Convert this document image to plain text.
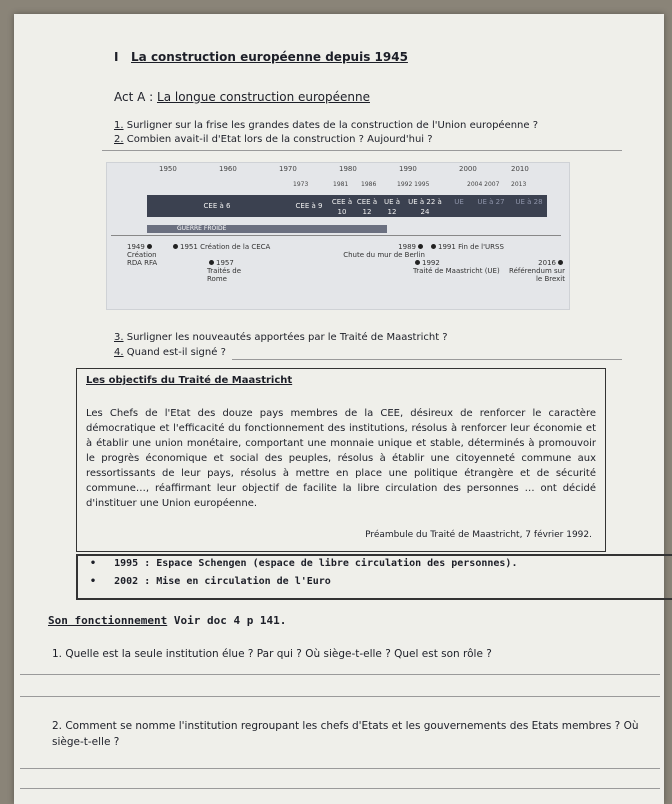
I La construction européenne depuis 1945
Act A : La longue construction européenne
1. Surligner sur la frise les grandes dates de la construction de l'Union européenne ?
2. Combien avait-il d'Etat lors de la construction ? Aujourd'hui ?
1950	1960	1970	1980	1990	2000	2010
1973	1981 1986	1992 1995	2004 2007 2013
CEE à 6	CEE à 9	CEE à 10
CEE à 12
UE à 12
UE à 22 à 24
UE	UE à 27	UE à 28
GUERRE FROIDE
1949
Création RDA RFA
1951 Création de la CECA
1957
Traités de Rome
1989
Chute du mur de Berlin
1991 Fin de l'URSS
1992
Traité de Maastricht (UE)
2016
Référendum sur le Brexit
3. Surligner les nouveautés apportées par le Traité de Maastricht ?
4. Quand est-il signé ?
Les objectifs du Traité de Maastricht
Les Chefs de l'Etat des douze pays membres de la CEE, désireux de renforcer le caractère démocratique et l'efficacité du fonctionnement des institutions, résolus à renforcer leur économie et à établir une union monétaire, comportant une monnaie unique et stable, déterminés à promouvoir le progrès économique et social des peuples, résolus à établir une citoyenneté commune aux ressortissants de leur pays, résolus à mettre en place une politique étrangère et de sécurité commune…, réaffirmant leur objectif de facilite la libre circulation des personnes … ont décidé d'instituer une Union européenne.
Préambule du Traité de Maastricht, 7 février 1992.
•   1995 : Espace Schengen (espace de libre circulation des personnes).
•   2002 : Mise en circulation de l'Euro
Son fonctionnement Voir doc 4 p 141.
1. Quelle est la seule institution élue ? Par qui ? Où siège-t-elle ? Quel est son rôle ?
2. Comment se nomme l'institution regroupant les chefs d'Etats et les gouvernements des Etats membres ? Où siège-t-elle ?
